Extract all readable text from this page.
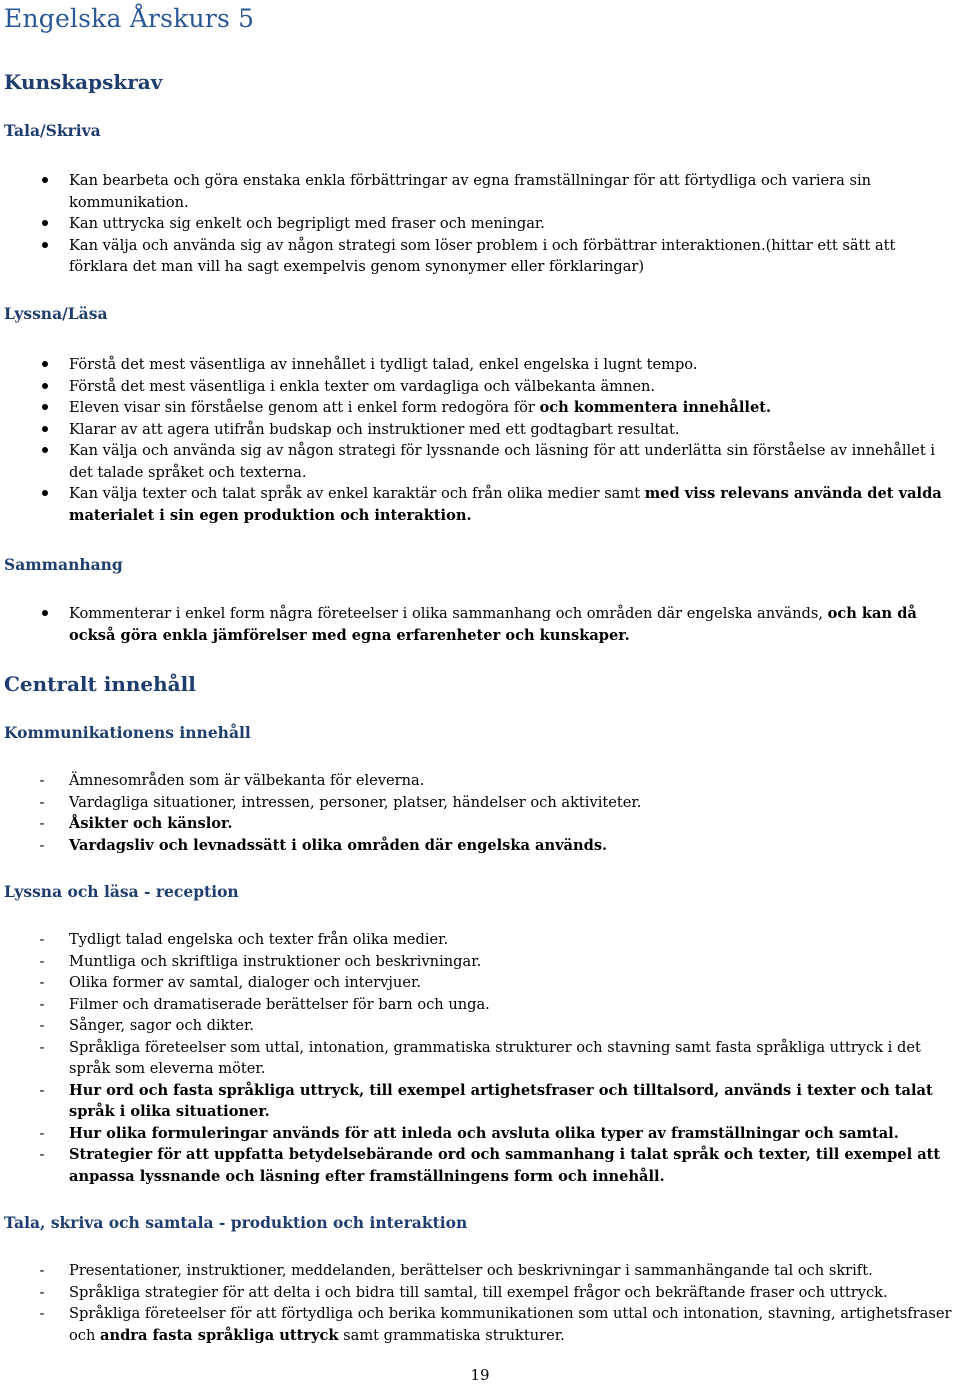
Engelska Årskurs 5
Kunskapskrav
Tala/Skriva
Kan bearbeta och göra enstaka enkla förbättringar av egna framställningar för att förtydliga och variera sin kommunikation.
Kan uttrycka sig enkelt och begripligt med fraser och meningar.
Kan välja och använda sig av någon strategi som löser problem i och förbättrar interaktionen.(hittar ett sätt att förklara det man vill ha sagt exempelvis genom synonymer eller förklaringar)
Lyssna/Läsa
Förstå det mest väsentliga av innehållet i tydligt talad, enkel engelska i lugnt tempo.
Förstå det mest väsentliga i enkla texter om vardagliga och välbekanta ämnen.
Eleven visar sin förståelse genom att i enkel form redogöra för och kommentera innehållet.
Klarar av att agera utifrån budskap och instruktioner med ett godtagbart resultat.
Kan välja och använda sig av någon strategi för lyssnande och läsning för att underlätta sin förståelse av innehållet i det talade språket och texterna.
Kan välja texter och talat språk av enkel karaktär och från olika medier samt med viss relevans använda det valda materialet i sin egen produktion och interaktion.
Sammanhang
Kommenterar i enkel form några företeelser i olika sammanhang och områden där engelska används, och kan då också göra enkla jämförelser med egna erfarenheter och kunskaper.
Centralt innehåll
Kommunikationens innehåll
-	Ämnesområden som är välbekanta för eleverna.
-	Vardagliga situationer, intressen, personer, platser, händelser och aktiviteter.
-	Åsikter och känslor.
-	Vardagsliv och levnadssätt i olika områden där engelska används.
Lyssna och läsa - reception
-	Tydligt talad engelska och texter från olika medier.
-	Muntliga och skriftliga instruktioner och beskrivningar.
-	Olika former av samtal, dialoger och intervjuer.
-	Filmer och dramatiserade berättelser för barn och unga.
-	Sånger, sagor och dikter.
-	Språkliga företeelser som uttal, intonation, grammatiska strukturer och stavning samt fasta språkliga uttryck i det språk som eleverna möter.
-	Hur ord och fasta språkliga uttryck, till exempel artighetsfraser och tilltalsord, används i texter och talat språk i olika situationer.
-	Hur olika formuleringar används för att inleda och avsluta olika typer av framställningar och samtal.
-	Strategier för att uppfatta betydelsebärande ord och sammanhang i talat språk och texter, till exempel att anpassa lyssnande och läsning efter framställningens form och innehåll.
Tala, skriva och samtala - produktion och interaktion
-	Presentationer, instruktioner, meddelanden, berättelser och beskrivningar i sammanhängande tal och skrift.
-	Språkliga strategier för att delta i och bidra till samtal, till exempel frågor och bekräftande fraser och uttryck.
-	Språkliga företeelser för att förtydliga och berika kommunikationen som uttal och intonation, stavning, artighetsfraser och andra fasta språkliga uttryck samt grammatiska strukturer.
19
